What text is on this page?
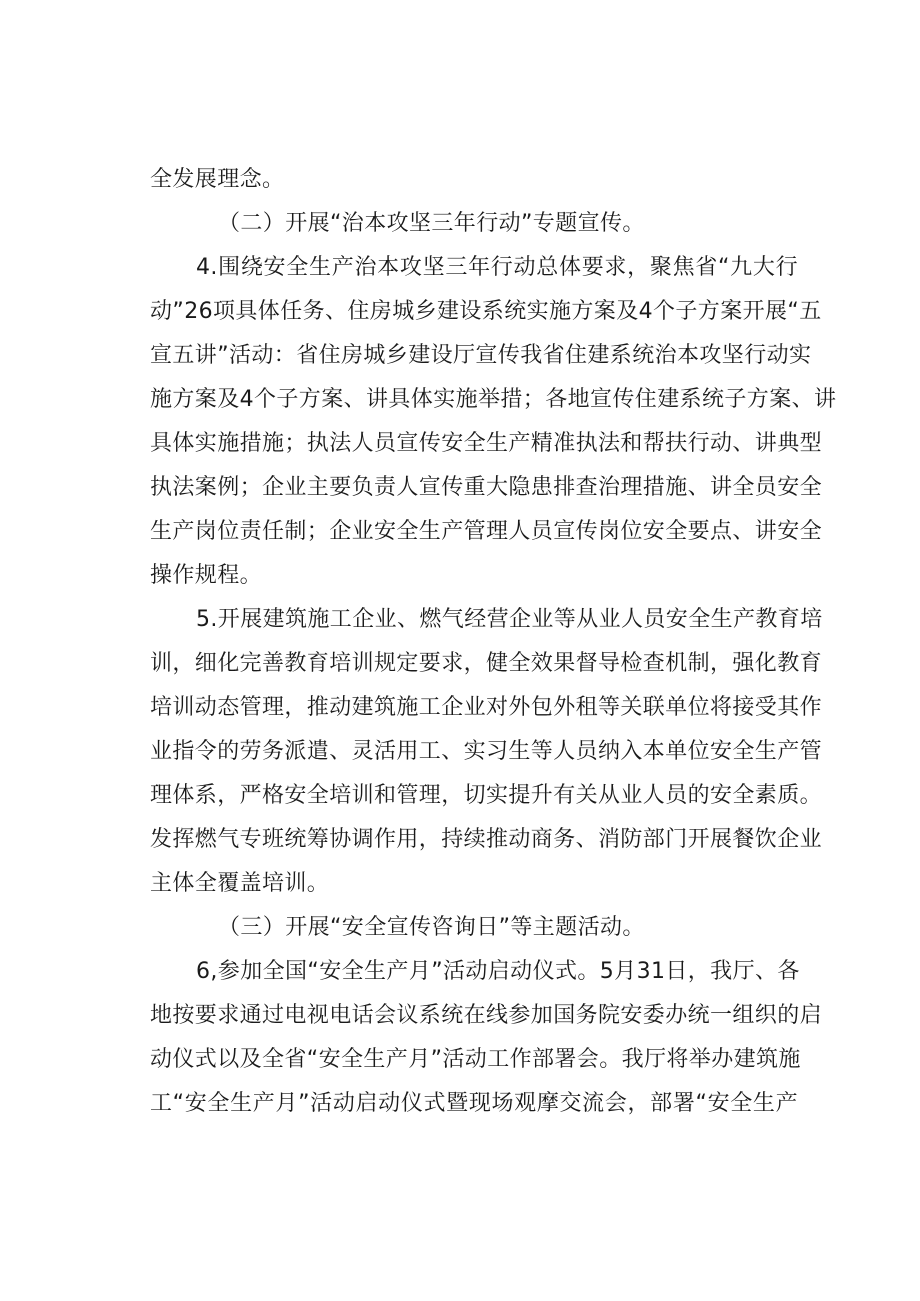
全发展理念。
（二）开展“治本攻坚三年行动”专题宣传。
4.围绕安全生产治本攻坚三年行动总体要求，聚焦省“九大行
动”26项具体任务、住房城乡建设系统实施方案及4个子方案开展“五
宣五讲”活动：省住房城乡建设厅宣传我省住建系统治本攻坚行动实
施方案及4个子方案、讲具体实施举措；各地宣传住建系统子方案、讲
具体实施措施；执法人员宣传安全生产精准执法和帮扶行动、讲典型
执法案例；企业主要负责人宣传重大隐患排查治理措施、讲全员安全
生产岗位责任制；企业安全生产管理人员宣传岗位安全要点、讲安全
操作规程。
5.开展建筑施工企业、燃气经营企业等从业人员安全生产教育培
训，细化完善教育培训规定要求，健全效果督导检查机制，强化教育
培训动态管理，推动建筑施工企业对外包外租等关联单位将接受其作
业指令的劳务派遣、灵活用工、实习生等人员纳入本单位安全生产管
理体系，严格安全培训和管理，切实提升有关从业人员的安全素质。
发挥燃气专班统筹协调作用，持续推动商务、消防部门开展餐饮企业
主体全覆盖培训。
（三）开展“安全宣传咨询日”等主题活动。
6,参加全国“安全生产月”活动启动仪式。5月31日，我厅、各
地按要求通过电视电话会议系统在线参加国务院安委办统一组织的启
动仪式以及全省“安全生产月”活动工作部署会。我厅将举办建筑施
工“安全生产月”活动启动仪式暨现场观摩交流会，部署“安全生产
